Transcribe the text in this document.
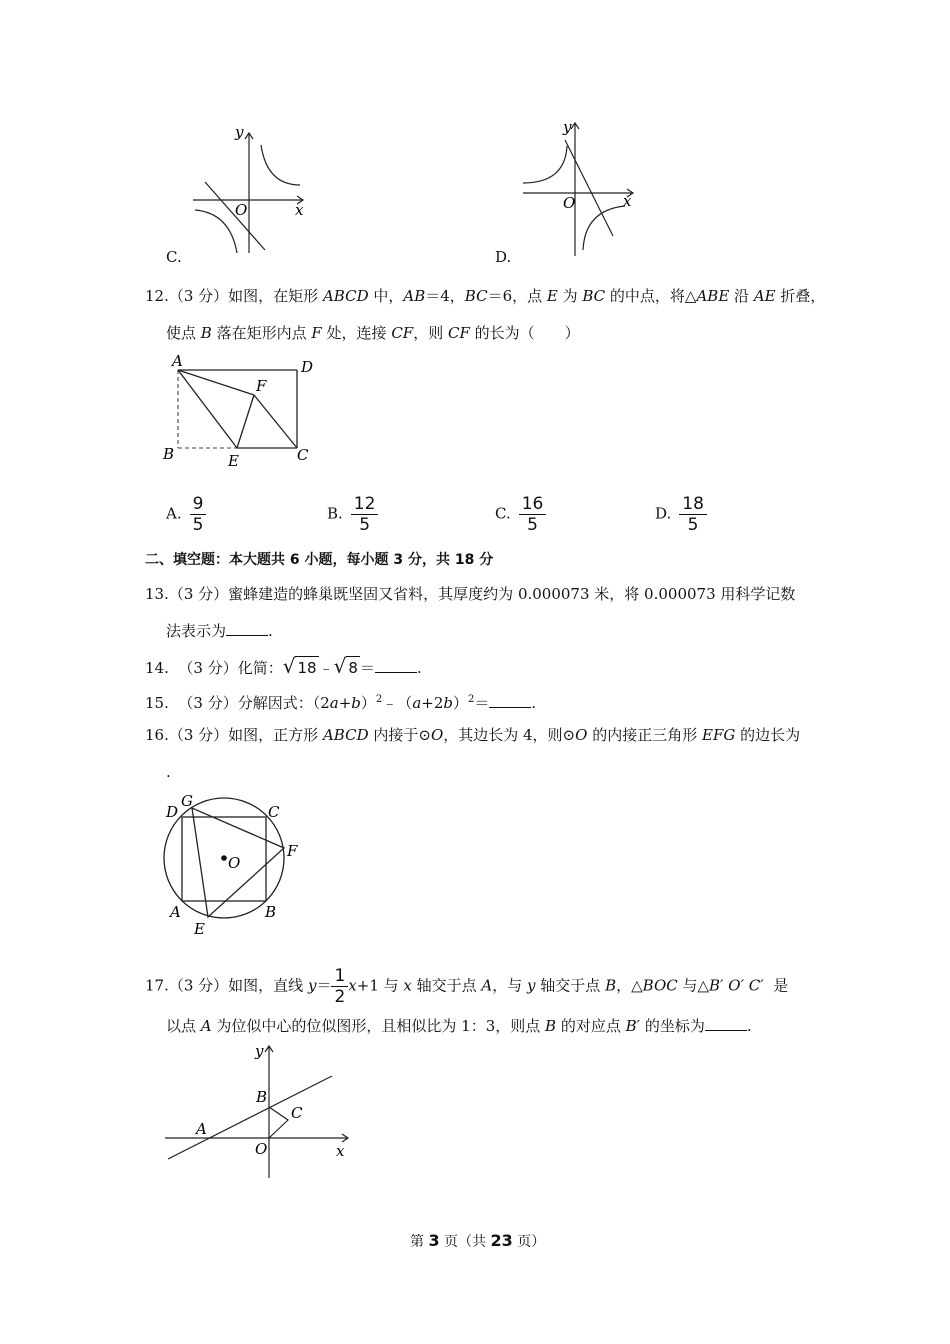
y
x
O
C.
y
x
O
D.
12.（3 分）如图，在矩形 ABCD 中，AB＝4，BC＝6，点 E 为 BC 的中点，将△ABE 沿 AE 折叠，
使点 B 落在矩形内点 F 处，连接 CF，则 CF 的长为（　　）
A	D
B	E	C
F
A. $\frac{9}{5}$	B. $\frac{12}{5}$	C. $\frac{16}{5}$	D. $\frac{18}{5}$
二、填空题：本大题共 6 小题，每小题 3 分，共 18 分
13.（3 分）蜜蜂建造的蜂巢既坚固又省料，其厚度约为 0.000073 米，将 0.000073 用科学记数
法表示为	.
14. （3 分）化简：√ 18 ﹣√ 8 ＝	.
15. （3 分）分解因式：$(2a+b)^2﹣(a+2b)^2=$	.
16.（3 分）如图，正方形 ABCD 内接于⊙O，其边长为 4，则⊙O 的内接正三角形 EFG 的边长为
.
D
G
C
F
O
A	B
E
17.（3 分）如图，直线 $y= \frac{1}{2} x+1$ 与 x 轴交于点 A，与 y 轴交于点 B，△BOC 与△B′ O′ C′  是
以点 A 为位似中心的位似图形，且相似比为 1：3，则点 B 的对应点 B′ 的坐标为	.
y
x
A
B
C
O
第 3 页（共 23 页）
